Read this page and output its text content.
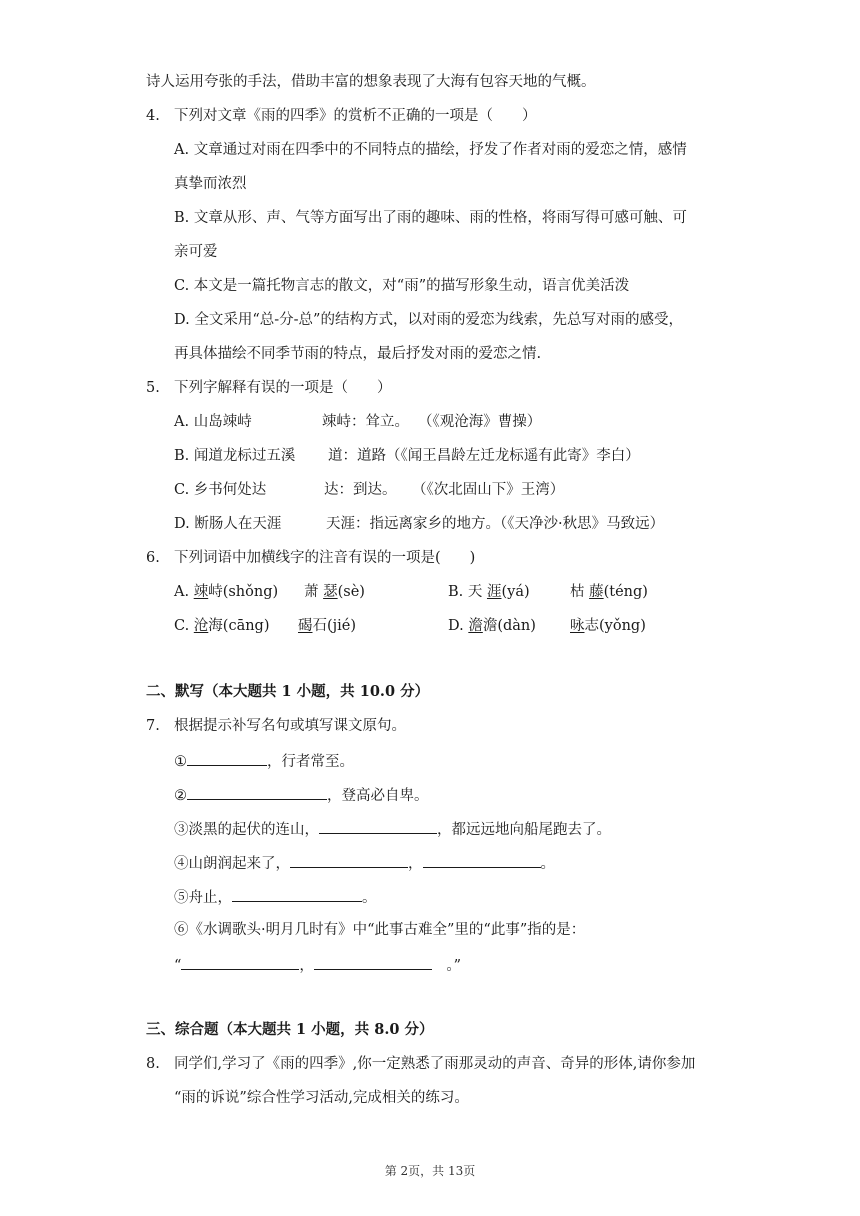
诗人运用夸张的手法，借助丰富的想象表现了大海有包容天地的气概。
4. 下列对文章《雨的四季》的赏析不正确的一项是（　　）
A. 文章通过对雨在四季中的不同特点的描绘，抒发了作者对雨的爱恋之情，感情
真挚而浓烈
B. 文章从形、声、气等方面写出了雨的趣味、雨的性格，将雨写得可感可触、可
亲可爱
C. 本文是一篇托物言志的散文，对“雨”的描写形象生动，语言优美活泼
D. 全文采用“总-分-总”的结构方式，以对雨的爱恋为线索，先总写对雨的感受，
再具体描绘不同季节雨的特点，最后抒发对雨的爱恋之情.
5. 下列字解释有误的一项是（　　）
A. 山岛竦峙	竦峙：耸立。 （《观沧海》曹操）
B. 闻道龙标过五溪 道：道路（《闻王昌龄左迁龙标遥有此寄》李白）
C. 乡书何处达	达：到达。 （《次北固山下》王湾）
D. 断肠人在天涯	天涯：指远离家乡的地方。（《天净沙·秋思》马致远）
6. 下列词语中加横线字的注音有误的一项是(　　)
A. 竦峙(shǒng) 萧 瑟(sè)	B. 天 涯(yá)	枯 藤(téng)
C. 沧海(cāng) 碣石(jié)	D. 澹澹(dàn) 咏志(yǒng)
二、默写（本大题共 1 小题，共 10.0 分）
7. 根据提示补写名句或填写课文原句。
①	，行者常至。
②	，登高必自卑。
③淡黑的起伏的连山，	，都远远地向船尾跑去了。
④山朗润起来了，	，	。
⑤舟止，	。
⑥《水调歌头·明月几时有》中“此事古难全”里的“此事”指的是：
“	，	　。”
三、综合题（本大题共 1 小题，共 8.0 分）
8. 同学们,学习了《雨的四季》,你一定熟悉了雨那灵动的声音、奇异的形体,请你参加
“雨的诉说”综合性学习活动,完成相关的练习。
第 2页，共 13页
